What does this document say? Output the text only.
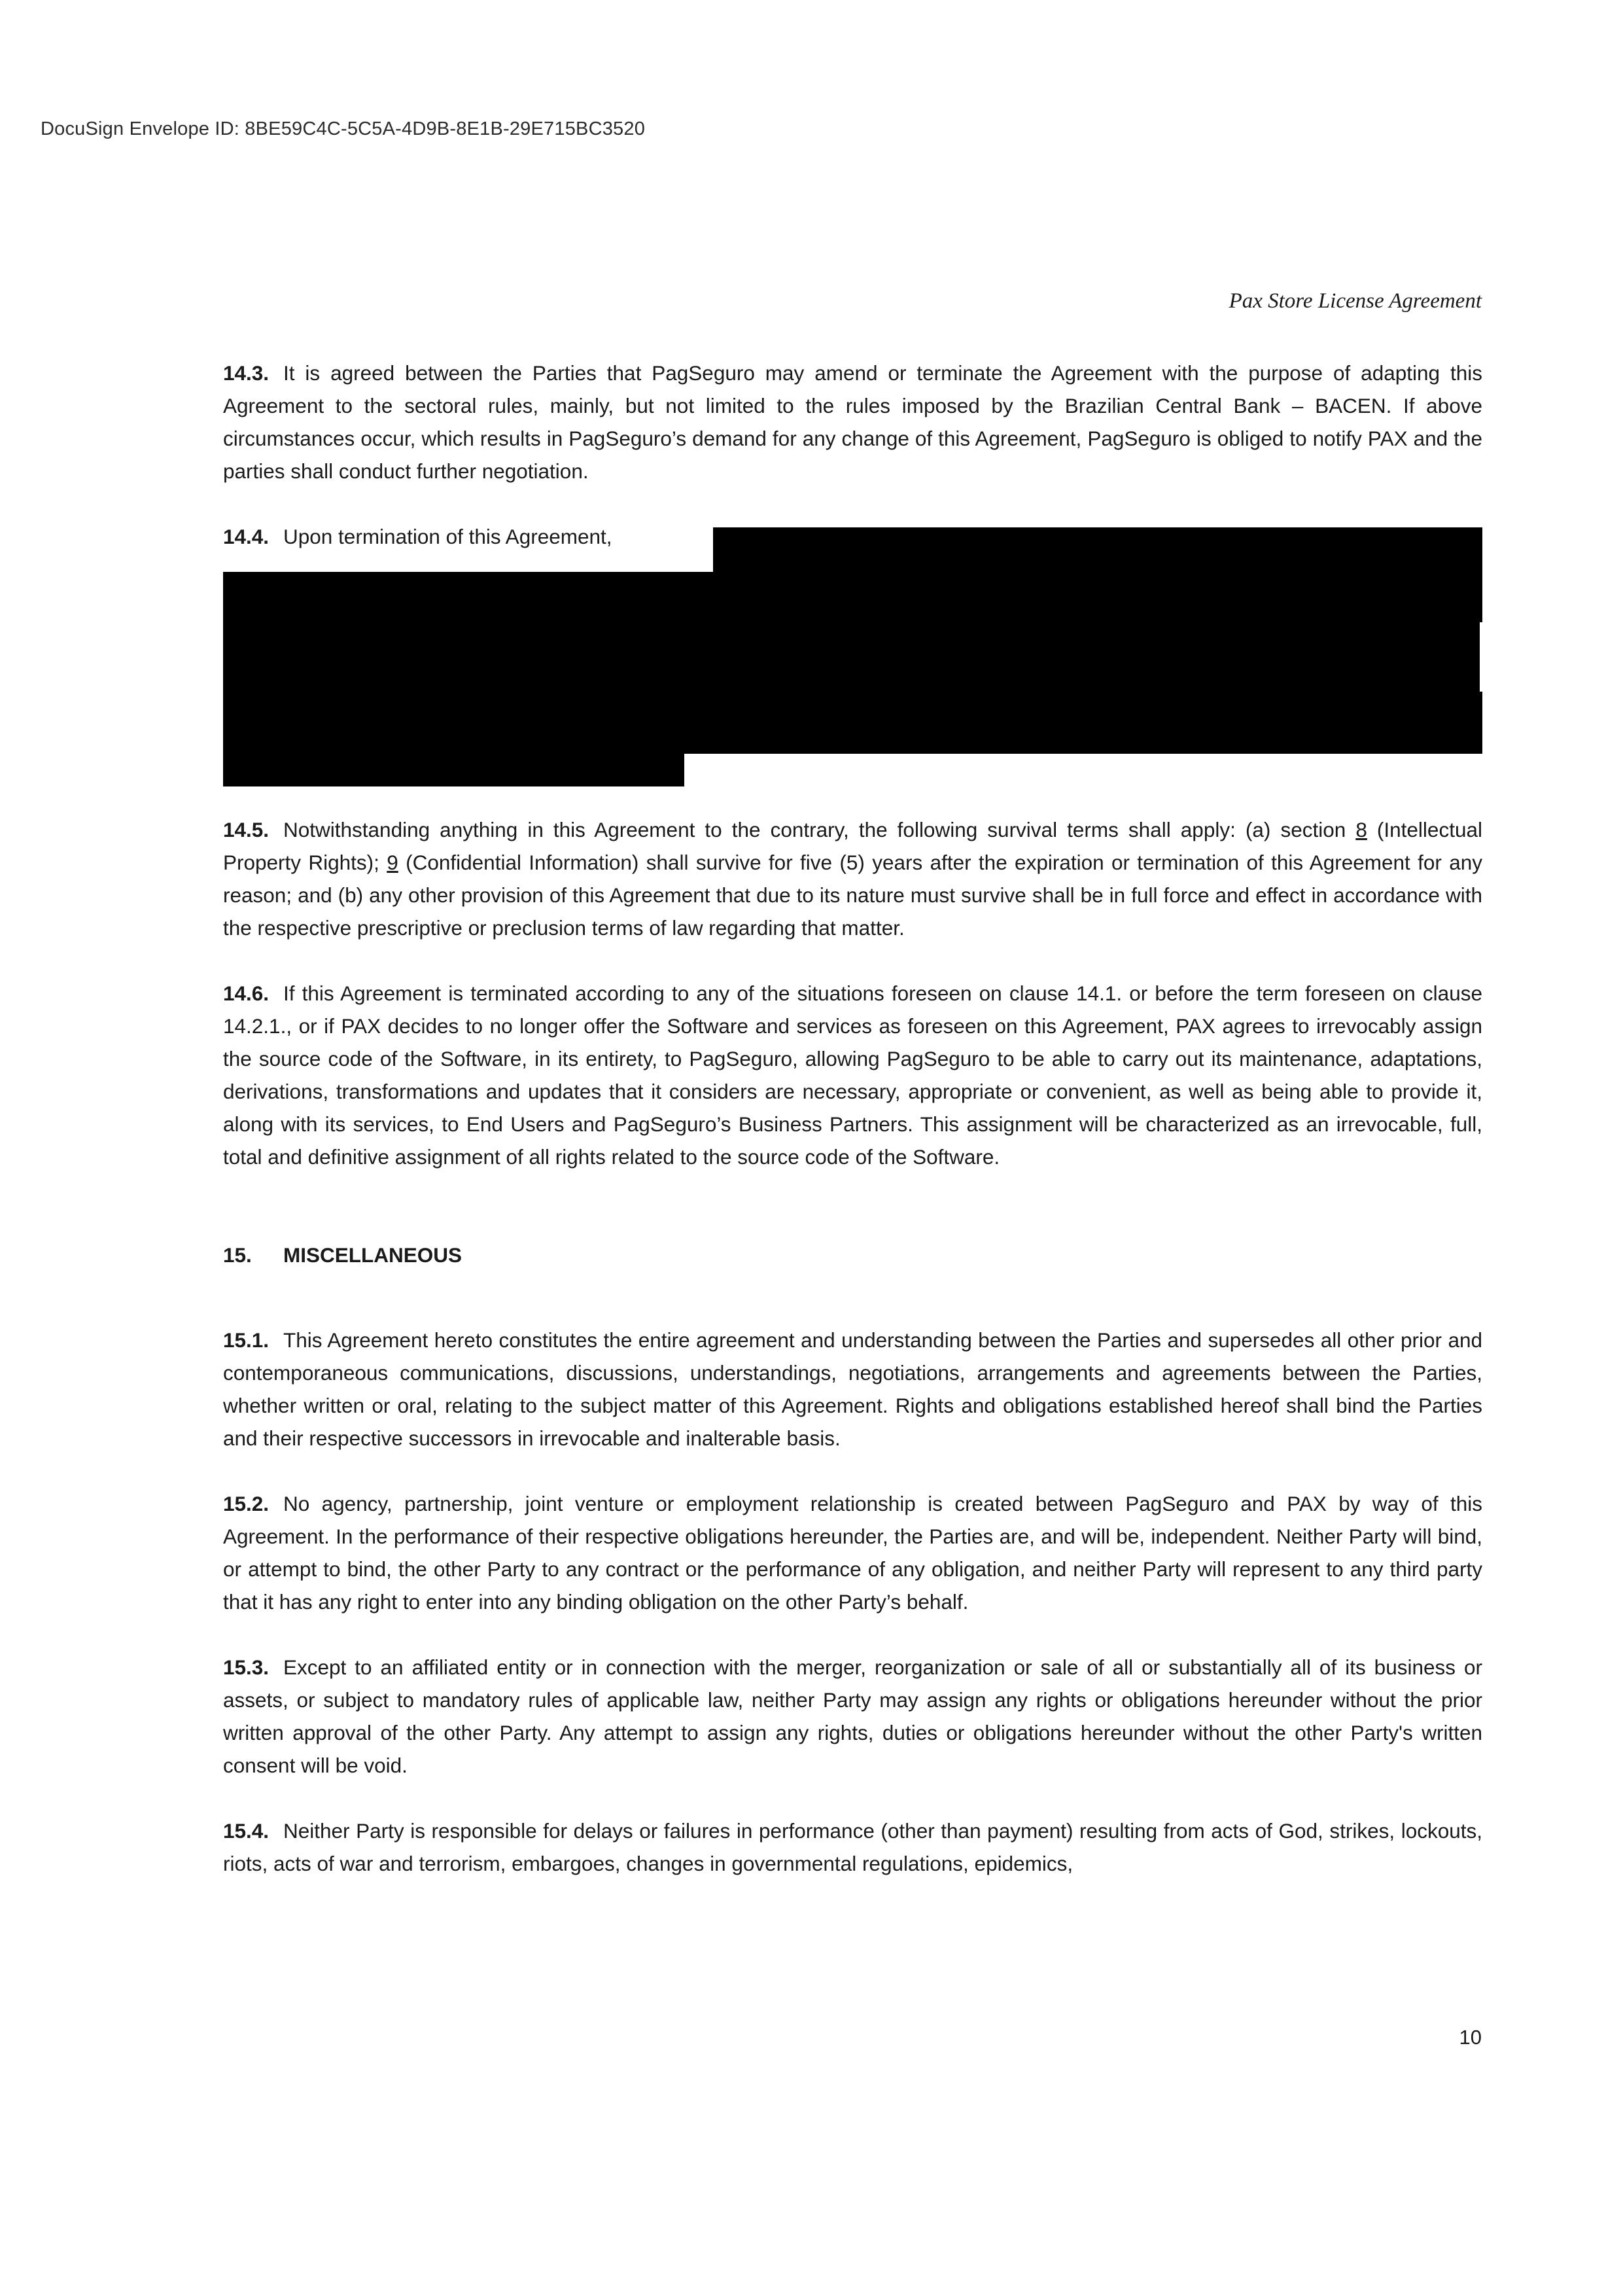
DocuSign Envelope ID: 8BE59C4C-5C5A-4D9B-8E1B-29E715BC3520
Pax Store License Agreement

14.3. It is agreed between the Parties that PagSeguro may amend or terminate the Agreement with the purpose of adapting this Agreement to the sectoral rules, mainly, but not limited to the rules imposed by the Brazilian Central Bank – BACEN. If above circumstances occur, which results in PagSeguro’s demand for any change of this Agreement, PagSeguro is obliged to notify PAX and the parties shall conduct further negotiation.

14.4. Upon termination of this Agreement,

14.5. Notwithstanding anything in this Agreement to the contrary, the following survival terms shall apply: (a) section 8 (Intellectual Property Rights); 9 (Confidential Information) shall survive for five (5) years after the expiration or termination of this Agreement for any reason; and (b) any other provision of this Agreement that due to its nature must survive shall be in full force and effect in accordance with the respective prescriptive or preclusion terms of law regarding that matter.

14.6. If this Agreement is terminated according to any of the situations foreseen on clause 14.1. or before the term foreseen on clause 14.2.1., or if PAX decides to no longer offer the Software and services as foreseen on this Agreement, PAX agrees to irrevocably assign the source code of the Software, in its entirety, to PagSeguro, allowing PagSeguro to be able to carry out its maintenance, adaptations, derivations, transformations and updates that it considers are necessary, appropriate or convenient, as well as being able to provide it, along with its services, to End Users and PagSeguro’s Business Partners. This assignment will be characterized as an irrevocable, full, total and definitive assignment of all rights related to the source code of the Software.

15. MISCELLANEOUS

15.1. This Agreement hereto constitutes the entire agreement and understanding between the Parties and supersedes all other prior and contemporaneous communications, discussions, understandings, negotiations, arrangements and agreements between the Parties, whether written or oral, relating to the subject matter of this Agreement. Rights and obligations established hereof shall bind the Parties and their respective successors in irrevocable and inalterable basis.

15.2. No agency, partnership, joint venture or employment relationship is created between PagSeguro and PAX by way of this Agreement. In the performance of their respective obligations hereunder, the Parties are, and will be, independent. Neither Party will bind, or attempt to bind, the other Party to any contract or the performance of any obligation, and neither Party will represent to any third party that it has any right to enter into any binding obligation on the other Party’s behalf.

15.3. Except to an affiliated entity or in connection with the merger, reorganization or sale of all or substantially all of its business or assets, or subject to mandatory rules of applicable law, neither Party may assign any rights or obligations hereunder without the prior written approval of the other Party. Any attempt to assign any rights, duties or obligations hereunder without the other Party's written consent will be void.

15.4. Neither Party is responsible for delays or failures in performance (other than payment) resulting from acts of God, strikes, lockouts, riots, acts of war and terrorism, embargoes, changes in governmental regulations, epidemics,

10
